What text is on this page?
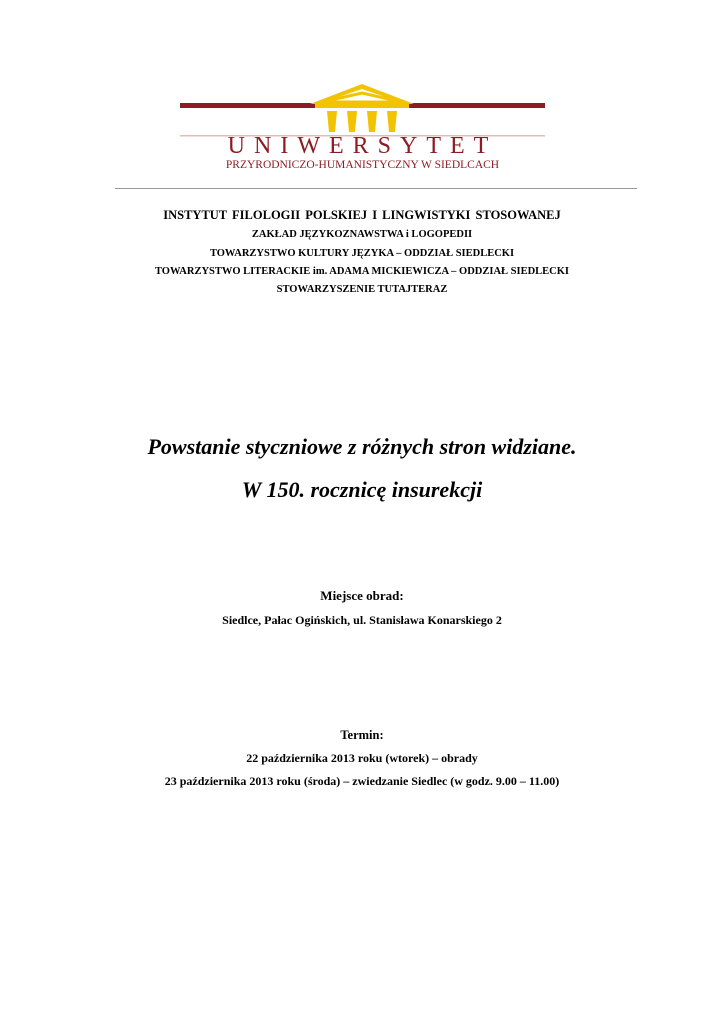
UNIWERSYTET
PRZYRODNICZO-HUMANISTYCZNY W SIEDLCACH
INSTYTUT FILOLOGII POLSKIEJ I LINGWISTYKI STOSOWANEJ
ZAKŁAD JĘZYKOZNAWSTWA i LOGOPEDII
TOWARZYSTWO KULTURY JĘZYKA – ODDZIAŁ SIEDLECKI
TOWARZYSTWO LITERACKIE im. ADAMA MICKIEWICZA – ODDZIAŁ SIEDLECKI
STOWARZYSZENIE TUTAJTERAZ
Powstanie styczniowe z różnych stron widziane.
W 150. rocznicę insurekcji
Miejsce obrad:
Siedlce, Pałac Ogińskich, ul. Stanisława Konarskiego 2
Termin:
22 października 2013 roku (wtorek) – obrady
23 października 2013 roku (środa) – zwiedzanie Siedlec (w godz. 9.00 – 11.00)
